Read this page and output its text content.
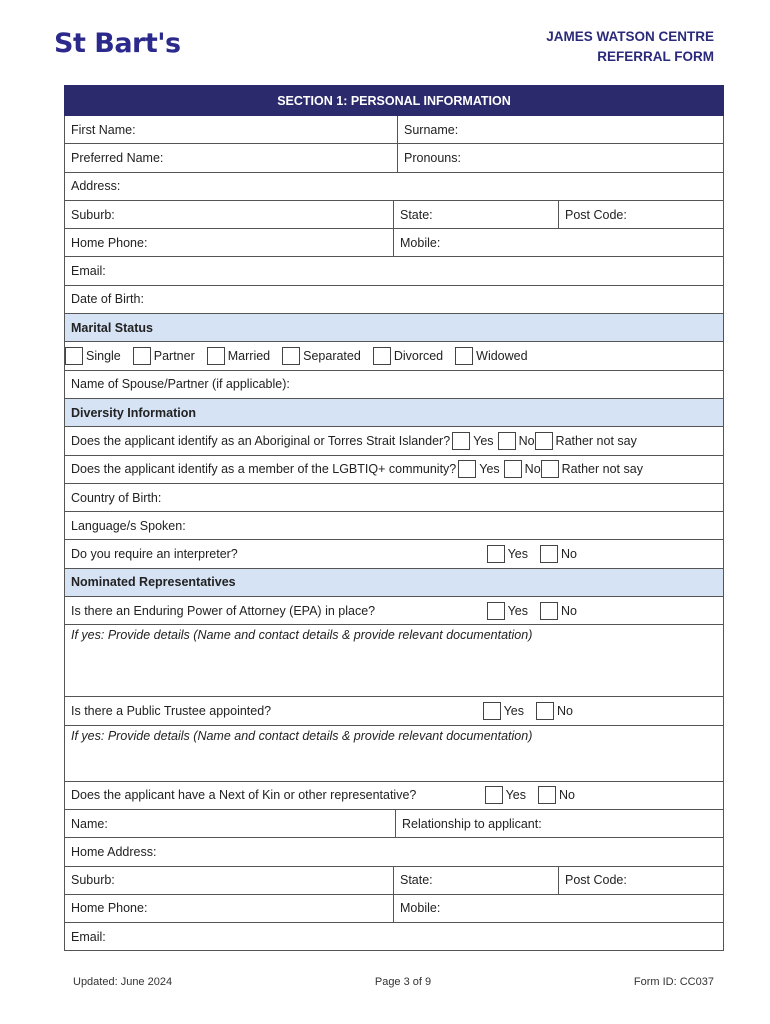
St Bart's	JAMES WATSON CENTRE
REFERRAL FORM
SECTION 1: PERSONAL INFORMATION
First Name:	Surname:
Preferred Name:	Pronouns:
Address:
Suburb:	State:	Post Code:
Home Phone:	Mobile:
Email:
Date of Birth:
Marital Status
Single	Partner	Married	Separated	Divorced	Widowed
Name of Spouse/Partner (if applicable):
Diversity Information
Does the applicant identify as an Aboriginal or Torres Strait Islander? Yes No Rather not say
Does the applicant identify as a member of the LGBTIQ+ community? Yes No Rather not say
Country of Birth:
Language/s Spoken:
Do you require an interpreter?	Yes	No
Nominated Representatives
Is there an Enduring Power of Attorney (EPA) in place?	Yes	No
If yes: Provide details (Name and contact details & provide relevant documentation)
Is there a Public Trustee appointed?	Yes	No
If yes: Provide details (Name and contact details & provide relevant documentation)
Does the applicant have a Next of Kin or other representative?	Yes	No
Name:	Relationship to applicant:
Home Address:
Suburb:	State:	Post Code:
Home Phone:	Mobile:
Email:
Updated: June 2024	Page 3 of 9	Form ID: CC037
